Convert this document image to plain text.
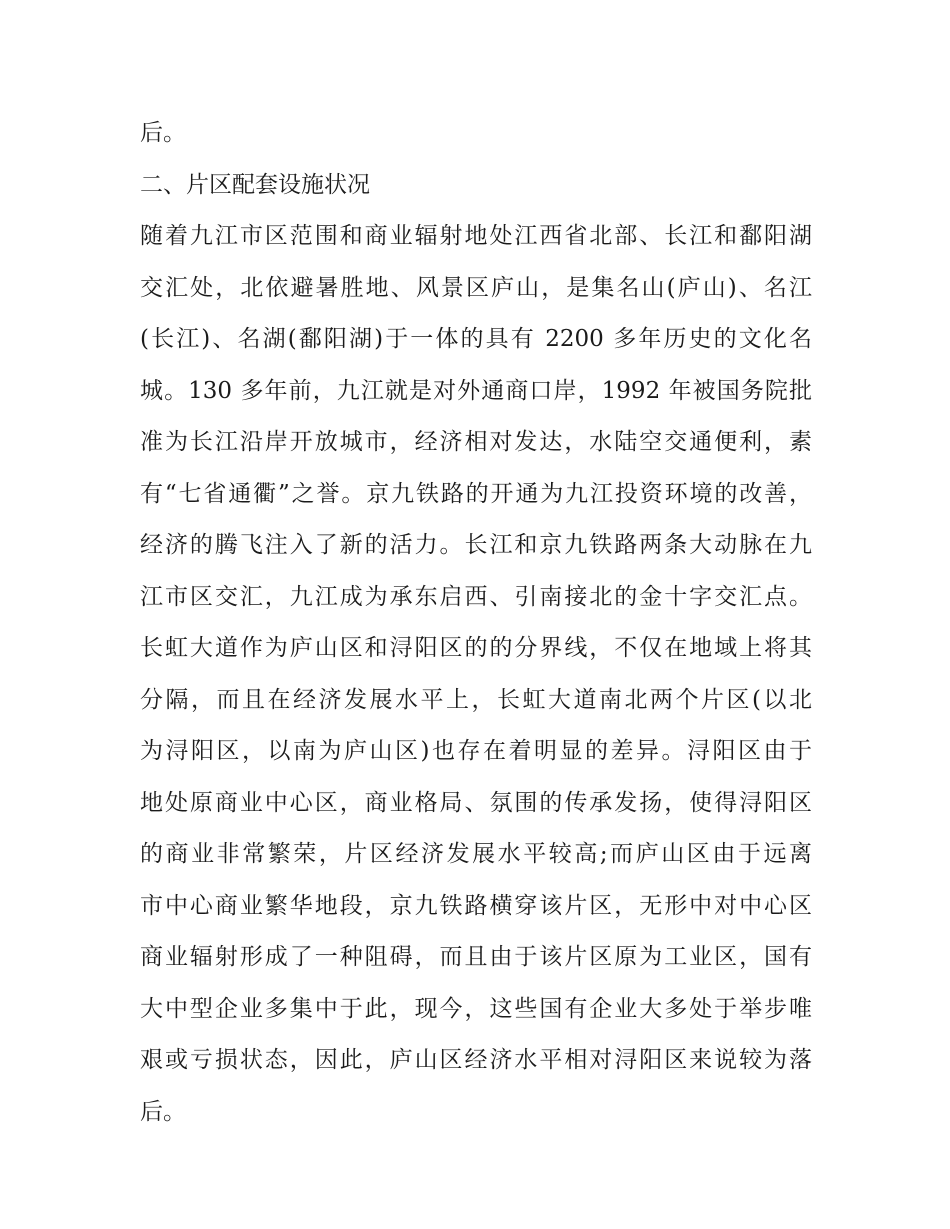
后。
二、片区配套设施状况
随着九江市区范围和商业辐射地处江西省北部、长江和鄱阳湖
交汇处，北依避暑胜地、风景区庐山，是集名山(庐山)、名江
(长江)、名湖(鄱阳湖)于一体的具有 2200 多年历史的文化名
城。130 多年前，九江就是对外通商口岸，1992 年被国务院批
准为长江沿岸开放城市，经济相对发达，水陆空交通便利，素
有“七省通衢”之誉。京九铁路的开通为九江投资环境的改善，
经济的腾飞注入了新的活力。长江和京九铁路两条大动脉在九
江市区交汇，九江成为承东启西、引南接北的金十字交汇点。
长虹大道作为庐山区和浔阳区的的分界线，不仅在地域上将其
分隔，而且在经济发展水平上，长虹大道南北两个片区(以北
为浔阳区，以南为庐山区)也存在着明显的差异。浔阳区由于
地处原商业中心区，商业格局、氛围的传承发扬，使得浔阳区
的商业非常繁荣，片区经济发展水平较高;而庐山区由于远离
市中心商业繁华地段，京九铁路横穿该片区，无形中对中心区
商业辐射形成了一种阻碍，而且由于该片区原为工业区，国有
大中型企业多集中于此，现今，这些国有企业大多处于举步唯
艰或亏损状态，因此，庐山区经济水平相对浔阳区来说较为落
后。
